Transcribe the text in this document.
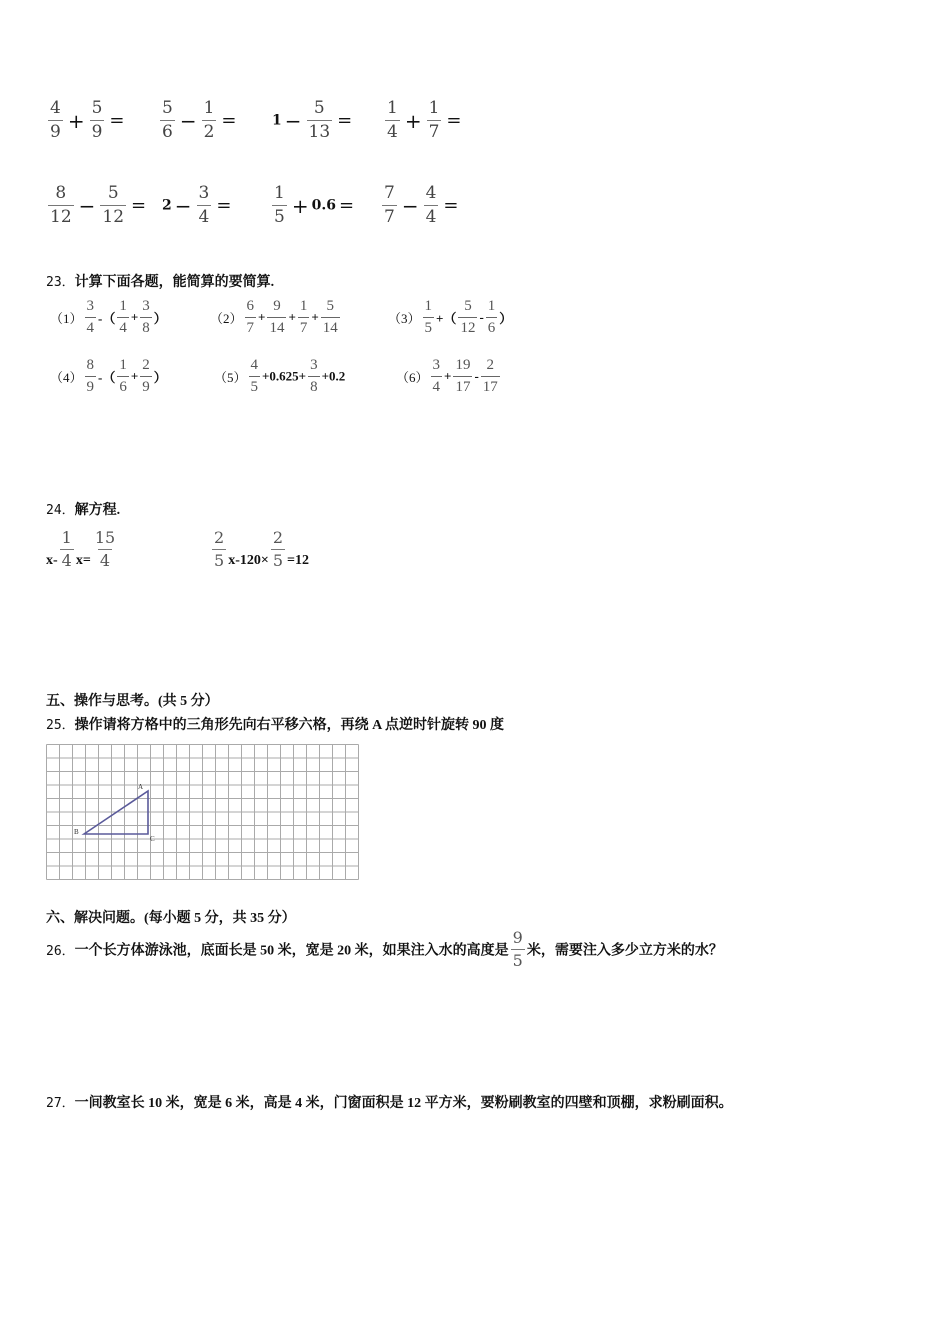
$\frac{4}{9} + \frac{5}{9} = \frac{5}{6} - \frac{1}{2}$ =	$1 - \frac{5}{13} = \frac{1}{4} + \frac{1}{7}$ =
$\frac{8}{12} - \frac{5}{12} = 2 - \frac{3}{4} = \frac{1}{5} + 0.6 = \frac{7}{7} - \frac{4}{4}$ =
23．计算下面各题，能简算的要简算.
$(1) \frac{3}{4}$ -（ $\frac{1}{4} + \frac{3}{8}$ ）	$(2) \frac{6}{7} + \frac{9}{14} + \frac{1}{7} + \frac{5}{14}$	$(3) \frac{1}{5}$ +（ $\frac{5}{12} - \frac{1}{6}$ ）
$(4) \frac{8}{9}$ -（ $\frac{1}{6} + \frac{2}{9}$ ）	$(5) \frac{4}{5} +0.625+ \frac{3}{8} +0.2$	$(6) \frac{3}{4} + \frac{19}{17} - \frac{2}{17}$
24．解方程.
$x- \frac{1}{4} x= \frac{15}{4}$	$\frac{2}{5} x-120\times \frac{2}{5} =12$
五、操作与思考。(共 5 分）
25．操作请将方格中的三角形先向右平移六格，再绕 A 点逆时针旋转 90 度
A
B
C
六、解决问题。(每小题 5 分，共 35 分）
26．一个长方体游泳池，底面长是 50 米，宽是 20 米，如果注入水的高度是 $\frac{9}{5}$ 米，需要注入多少立方米的水？
27．一间教室长 10 米，宽是 6 米，高是 4 米，门窗面积是 12 平方米，要粉刷教室的四壁和顶棚，求粉刷面积。
